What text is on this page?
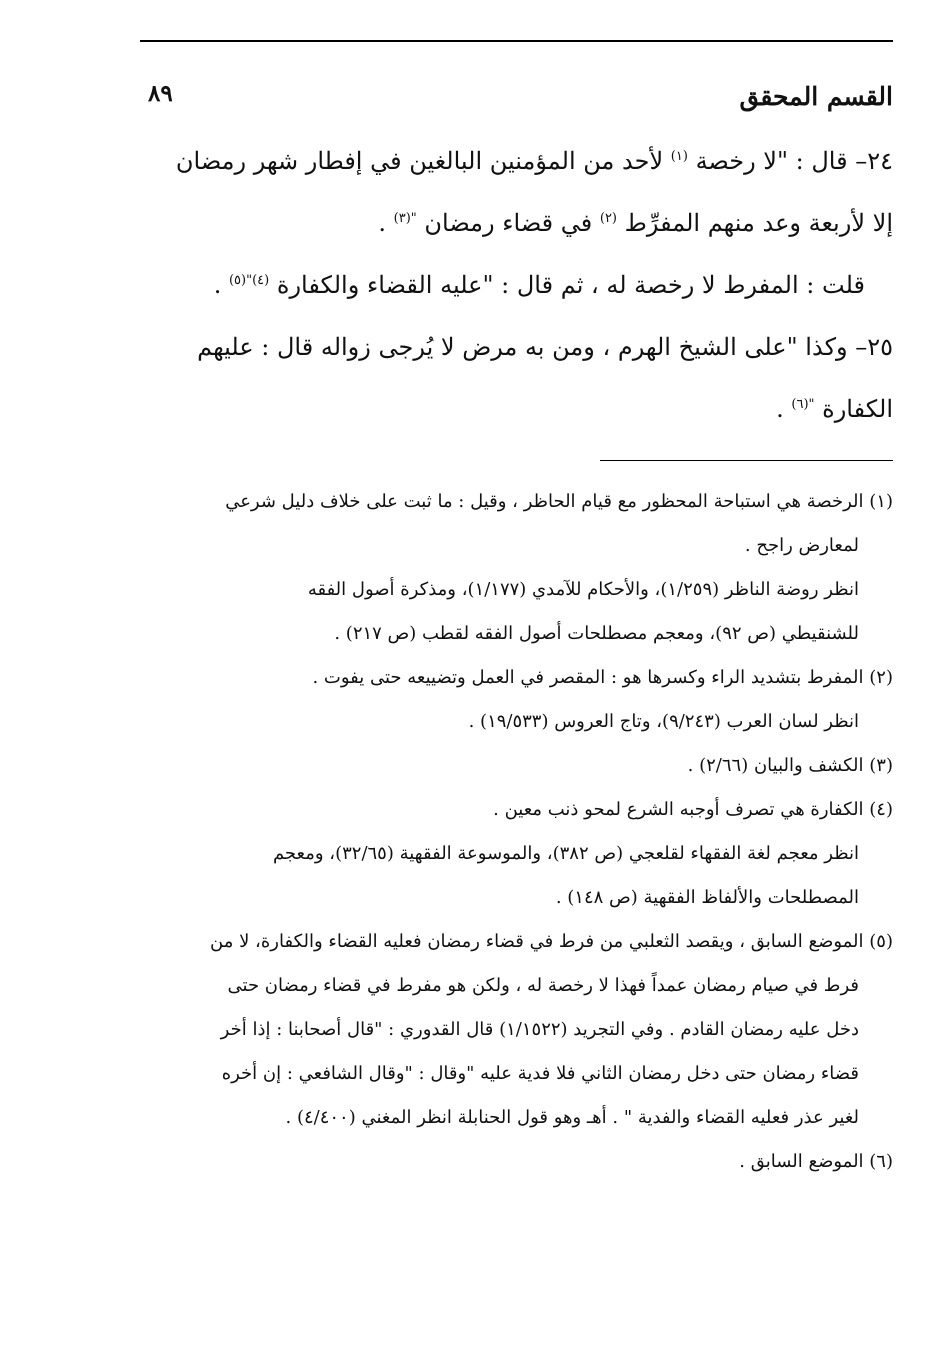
القسم المحقق
٨٩

٢٤– قال : "لا رخصة $^{(١)}$ لأحد من المؤمنين البالغين في إفطار شهر رمضان

إلا لأربعة وعد منهم المفرِّط $^{(٢)}$ في قضاء رمضان $^{"(٣)}$ .

قلت : المفرط لا رخصة له ، ثم قال : "عليه القضاء والكفارة $^{(٤)"(٥)}$ .

٢٥– وكذا "على الشيخ الهرم ، ومن به مرض لا يُرجى زواله قال : عليهم

الكفارة $^{"(٦)}$ .

(١) الرخصة هي استباحة المحظور مع قيام الحاظر ، وقيل : ما ثبت على خلاف دليل شرعي

لمعارض راجح .

انظر روضة الناظر (١/٢٥٩)، والأحكام للآمدي (١/١٧٧)، ومذكرة أصول الفقه

للشنقيطي (ص ٩٢)، ومعجم مصطلحات أصول الفقه لقطب (ص ٢١٧) .

(٢) المفرط بتشديد الراء وكسرها هو : المقصر في العمل وتضييعه حتى يفوت .

انظر لسان العرب (٩/٢٤٣)، وتاج العروس (١٩/٥٣٣) .

(٣) الكشف والبيان (٢/٦٦) .

(٤) الكفارة هي تصرف أوجبه الشرع لمحو ذنب معين .

انظر معجم لغة الفقهاء لقلعجي (ص ٣٨٢)، والموسوعة الفقهية (٣٢/٦٥)، ومعجم

المصطلحات والألفاظ الفقهية (ص ١٤٨) .

(٥) الموضع السابق ، ويقصد الثعلبي من فرط في قضاء رمضان فعليه القضاء والكفارة، لا من

فرط في صيام رمضان عمداً فهذا لا رخصة له ، ولكن هو مفرط في قضاء رمضان حتى

دخل عليه رمضان القادم . وفي التجريد (١/١٥٢٢) قال القدوري : "قال أصحابنا : إذا أخر

قضاء رمضان حتى دخل رمضان الثاني فلا فدية عليه "وقال : "وقال الشافعي : إن أخره

لغير عذر فعليه القضاء والفدية " . أهـ وهو قول الحنابلة انظر المغني (٤/٤٠٠) .

(٦) الموضع السابق .
